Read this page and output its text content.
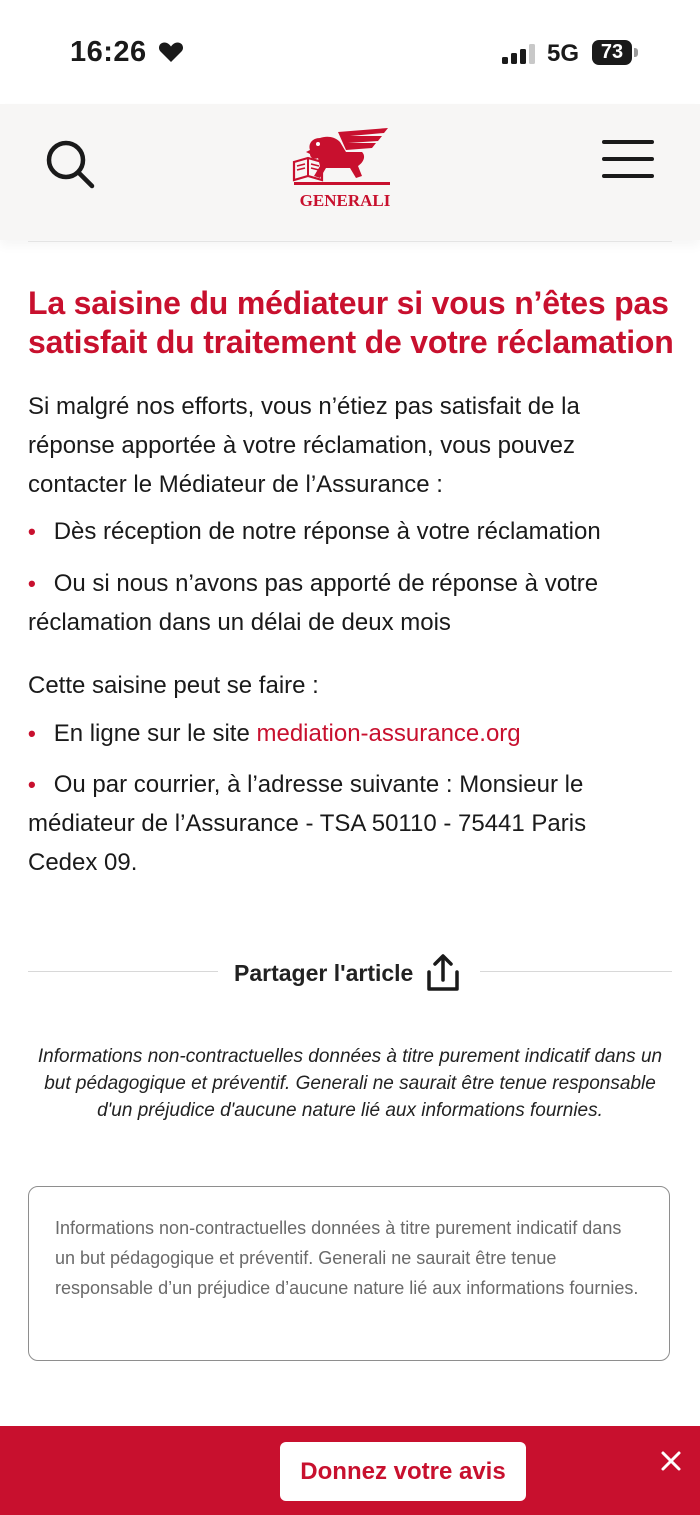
16:26	5G	73
GENERALI
La saisine du médiateur si vous n’êtes pas satisfait du traitement de votre réclamation

Si malgré nos efforts, vous n’étiez pas satisfait de la réponse apportée à votre réclamation, vous pouvez contacter le Médiateur de l’Assurance :

• Dès réception de notre réponse à votre réclamation

• Ou si nous n’avons pas apporté de réponse à votre réclamation dans un délai de deux mois

Cette saisine peut se faire :

• En ligne sur le site mediation-assurance.org

• Ou par courrier, à l’adresse suivante : Monsieur le médiateur de l’Assurance - TSA 50110 - 75441 Paris Cedex 09.

Partager l'article

Informations non-contractuelles données à titre purement indicatif dans un but pédagogique et préventif. Generali ne saurait être tenue responsable d'un préjudice d'aucune nature lié aux informations fournies.

Informations non-contractuelles données à titre purement indicatif dans un but pédagogique et préventif. Generali ne saurait être tenue responsable d’un préjudice d’aucune nature lié aux informations fournies.

Donnez votre avis
